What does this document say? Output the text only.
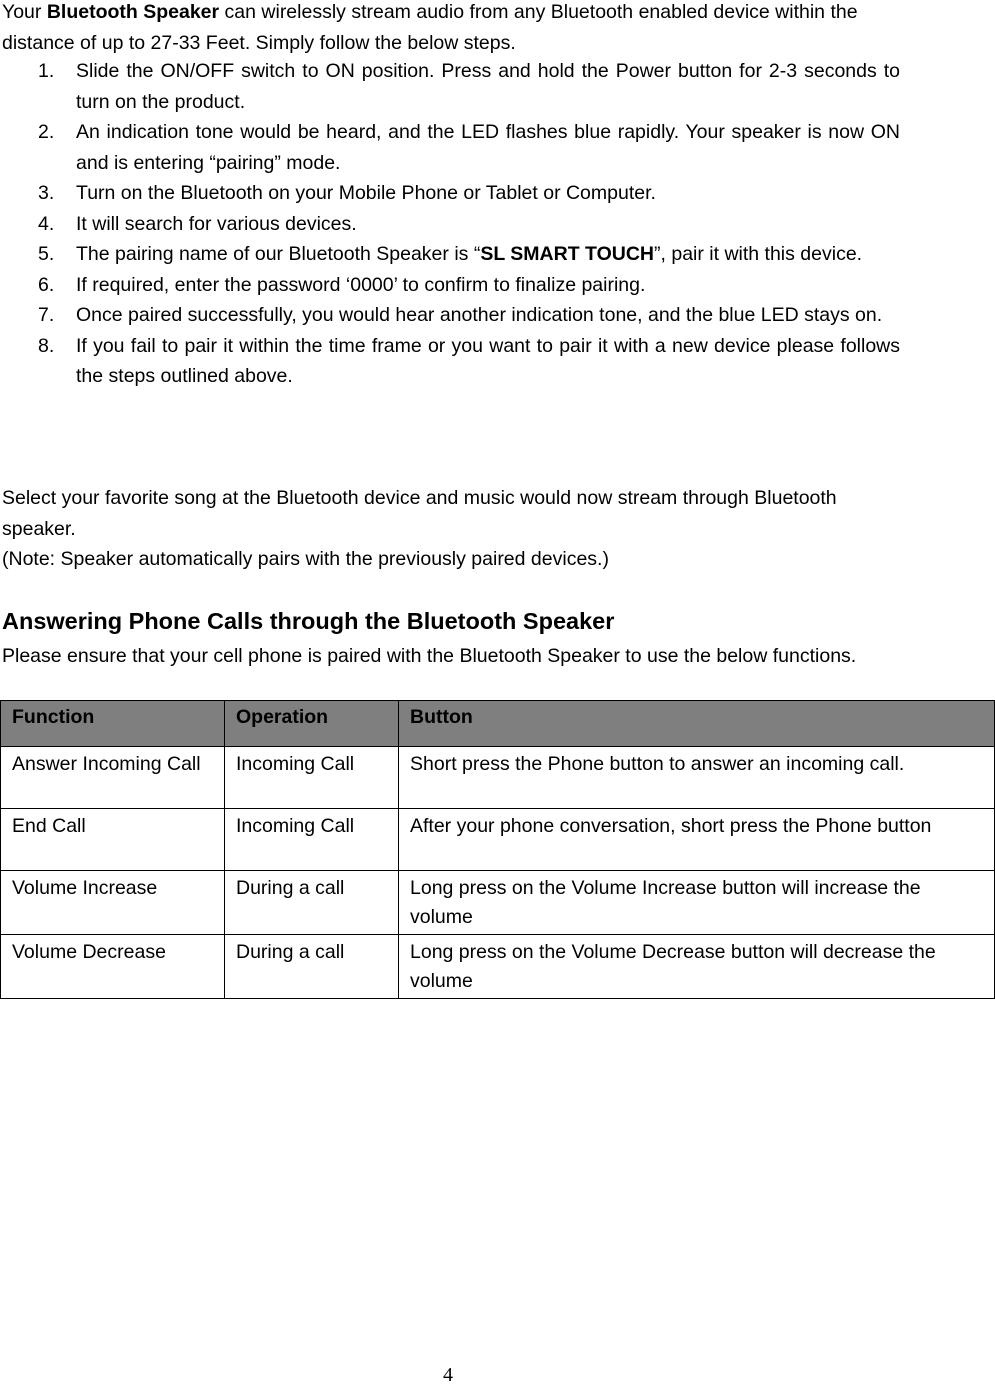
Your Bluetooth Speaker can wirelessly stream audio from any Bluetooth enabled device within the distance of up to 27-33 Feet. Simply follow the below steps.

1. Slide the ON/OFF switch to ON position. Press and hold the Power button for 2-3 seconds to turn on the product.
2. An indication tone would be heard, and the LED flashes blue rapidly. Your speaker is now ON and is entering “pairing” mode.
3. Turn on the Bluetooth on your Mobile Phone or Tablet or Computer.
4. It will search for various devices.
5. The pairing name of our Bluetooth Speaker is “SL SMART TOUCH”, pair it with this device.
6. If required, enter the password ‘0000’ to confirm to finalize pairing.
7. Once paired successfully, you would hear another indication tone, and the blue LED stays on.
8. If you fail to pair it within the time frame or you want to pair it with a new device please follows the steps outlined above.

Select your favorite song at the Bluetooth device and music would now stream through Bluetooth speaker.

(Note: Speaker automatically pairs with the previously paired devices.)

Answering Phone Calls through the Bluetooth Speaker

Please ensure that your cell phone is paired with the Bluetooth Speaker to use the below functions.

Function	Operation	Button
Answer Incoming Call	Incoming Call	Short press the Phone button to answer an incoming call.
End Call	Incoming Call	After your phone conversation, short press the Phone button
Volume Increase	During a call	Long press on the Volume Increase button will increase the volume
Volume Decrease	During a call	Long press on the Volume Decrease button will decrease the volume
4
